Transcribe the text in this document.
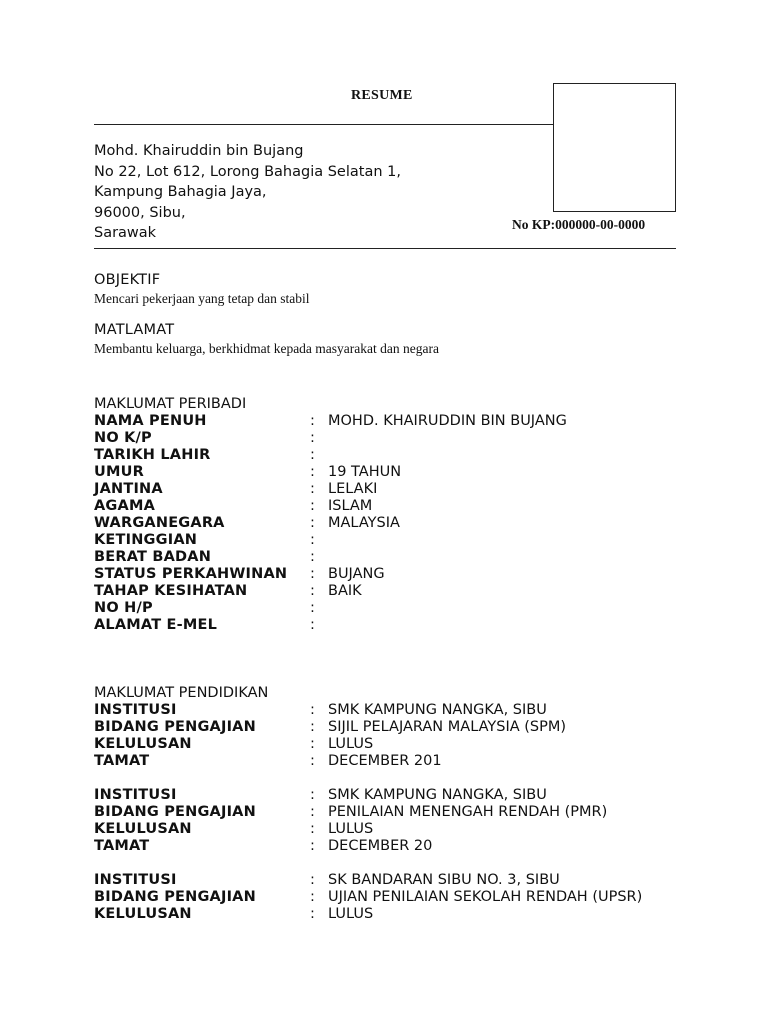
RESUME
Mohd. Khairuddin bin Bujang
No 22, Lot 612, Lorong Bahagia Selatan 1,
Kampung Bahagia Jaya,
96000, Sibu,
Sarawak
No KP:000000-00-0000
OBJEKTIF
Mencari pekerjaan yang tetap dan stabil
MATLAMAT
Membantu keluarga, berkhidmat kepada masyarakat dan negara
MAKLUMAT PERIBADI
NAMA PENUH	: MOHD. KHAIRUDDIN BIN BUJANG
NO K/P	:
TARIKH LAHIR	:
UMUR	: 19 TAHUN
JANTINA	: LELAKI
AGAMA	: ISLAM
WARGANEGARA	: MALAYSIA
KETINGGIAN	:
BERAT BADAN	:
STATUS PERKAHWINAN	: BUJANG
TAHAP KESIHATAN	: BAIK
NO H/P	:
ALAMAT E-MEL	:
MAKLUMAT PENDIDIKAN
INSTITUSI	: SMK KAMPUNG NANGKA, SIBU
BIDANG PENGAJIAN	: SIJIL PELAJARAN MALAYSIA (SPM)
KELULUSAN	: LULUS
TAMAT	: DECEMBER 201
INSTITUSI	: SMK KAMPUNG NANGKA, SIBU
BIDANG PENGAJIAN	: PENILAIAN MENENGAH RENDAH (PMR)
KELULUSAN	: LULUS
TAMAT	: DECEMBER 20
INSTITUSI	: SK BANDARAN SIBU NO. 3, SIBU
BIDANG PENGAJIAN	: UJIAN PENILAIAN SEKOLAH RENDAH (UPSR)
KELULUSAN	: LULUS
